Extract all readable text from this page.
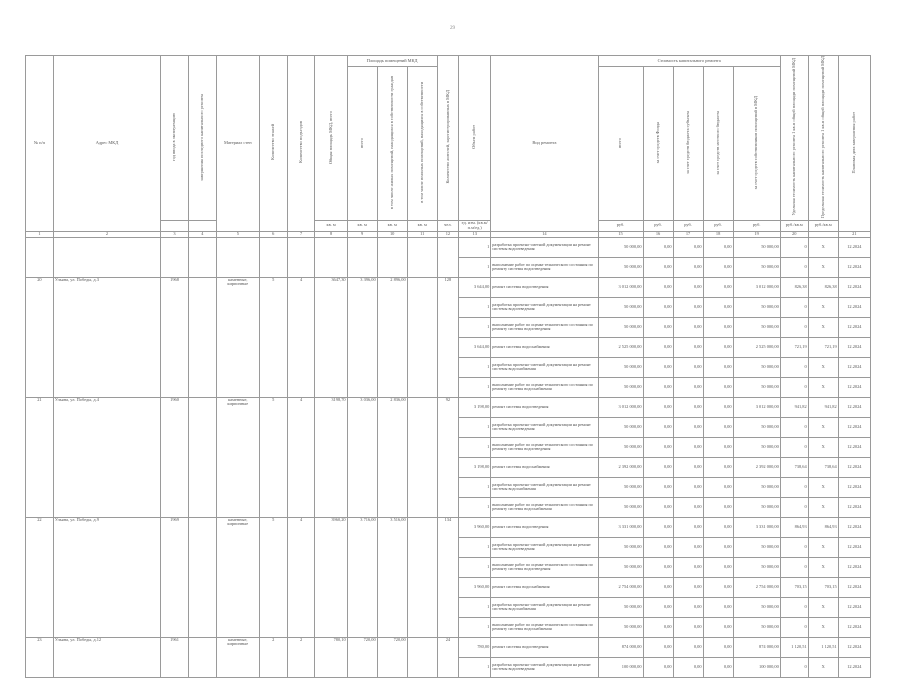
29
№ п/п	Адрес МКД	год ввода в эксплуатацию	завершения последнего капитального ремонта	Материал стен	Количество этажей	Количество подъездов	Общая площадь МКД, всего	Площадь помещений МКД			Количество жителей, зарегистрированных в МКД	Объем работ	Вид ремонта	Стоимость капитального ремонта					Удельная стоимость капитального ремонта 1 кв.м общей площади помещений МКД	Предельная стоимость капитального ремонта 1 кв.м общей площади помещений МКД	Плановая дата завершения работ
								всего	в том числе жилых помещений, находящихся в собственности граждан	в том числе нежилых помещений, находящихся в собственности				всего	за счет средств Фонда	за счет средств бюджета субъекта	за счет средств местного бюджета	за счет средств собственников помещений в МКД			
							кв. м	кв. м	кв. м	кв. м	чел.	ед. изм. (кв.м/п.м/ед.)		руб.	руб.	руб.	руб.	руб.	руб./кв.м	руб./кв.м	
1	2	3	4	5	6	7	8	9	10	11	12	13	14	15	16	17	18	19	20		21
												1	разработка проектно-сметной документации на ремонт системы водоотведения	50 000,00	0,00	0,00	0,00	50 000,00	0	X	12.2024
												1	выполнение работ по оценке технического состояния по ремонту системы водоотведения	50 000,00	0,00	0,00	0,00	50 000,00	0	X	12.2024
20	Ульяна, ул. Победы, д.3	1968		каменные, кирпичные	5	4	3647,30	3 396,00	2 896,00		128	3 644,00	ремонт системы водоотведения	3 012 000,00	0,00	0,00	0,00	3 012 000,00	826,38	826,38	12.2024
												1	разработка проектно-сметной документации на ремонт системы водоотведения	50 000,00	0,00	0,00	0,00	50 000,00	0	X	12.2024
												1	выполнение работ по оценке технического состояния по ремонту системы водоотведения	50 000,00	0,00	0,00	0,00	50 000,00	0	X	12.2024
												3 644,00	ремонт системы водоснабжения	2 525 000,00	0,00	0,00	0,00	2 525 000,00	721,19	721,19	12.2024
												1	разработка проектно-сметной документации на ремонт системы водоснабжения	50 000,00	0,00	0,00	0,00	50 000,00	0	X	12.2024
												1	выполнение работ по оценке технического состояния по ремонту системы водоснабжения	50 000,00	0,00	0,00	0,00	50 000,00	0	X	12.2024
21	Ульяна, ул. Победы, д.4	1960		каменные, кирпичные	5	4	3198,70	3 036,00	2 836,00		92	3 198,00	ремонт системы водоотведения	3 012 000,00	0,00	0,00	0,00	3 012 000,00	941,82	941,82	12.2024
												1	разработка проектно-сметной документации на ремонт системы водоотведения	50 000,00	0,00	0,00	0,00	50 000,00	0	X	12.2024
												1	выполнение работ по оценке технического состояния по ремонту системы водоотведения	50 000,00	0,00	0,00	0,00	50 000,00	0	X	12.2024
												3 198,00	ремонт системы водоснабжения	2 392 000,00	0,00	0,00	0,00	2 392 000,00	738,64	738,64	12.2024
												1	разработка проектно-сметной документации на ремонт системы водоснабжения	50 000,00	0,00	0,00	0,00	50 000,00	0	X	12.2024
												1	выполнение работ по оценке технического состояния по ремонту системы водоснабжения	50 000,00	0,00	0,00	0,00	50 000,00	0	X	12.2024
22	Ульяна, ул. Победы, д.9	1969		каменные, кирпичные	5	4	3960,20	3 716,00	3 516,00		134	3 960,00	ремонт системы водоотведения	3 331 000,00	0,00	0,00	0,00	3 331 000,00	864,93	864,93	12.2024
												1	разработка проектно-сметной документации на ремонт системы водоотведения	50 000,00	0,00	0,00	0,00	50 000,00	0	X	12.2024
												1	выполнение работ по оценке технического состояния по ремонту системы водоотведения	50 000,00	0,00	0,00	0,00	50 000,00	0	X	12.2024
												3 960,00	ремонт системы водоснабжения	2 754 000,00	0,00	0,00	0,00	2 754 000,00	703,15	703,15	12.2024
												1	разработка проектно-сметной документации на ремонт системы водоснабжения	50 000,00	0,00	0,00	0,00	50 000,00	0	X	12.2024
												1	выполнение работ по оценке технического состояния по ремонту системы водоснабжения	50 000,00	0,00	0,00	0,00	50 000,00	0	X	12.2024
23	Ульяна, ул. Победы, д.12	1961		каменные, кирпичные	2	2	780,10	720,00	720,00		24	780,00	ремонт системы водоотведения	874 000,00	0,00	0,00	0,00	874 000,00	1 120,51	1 120,51	12.2024
												1	разработка проектно-сметной документации на ремонт системы водоотведения	100 000,00	0,00	0,00	0,00	100 000,00	0	X	12.2024
